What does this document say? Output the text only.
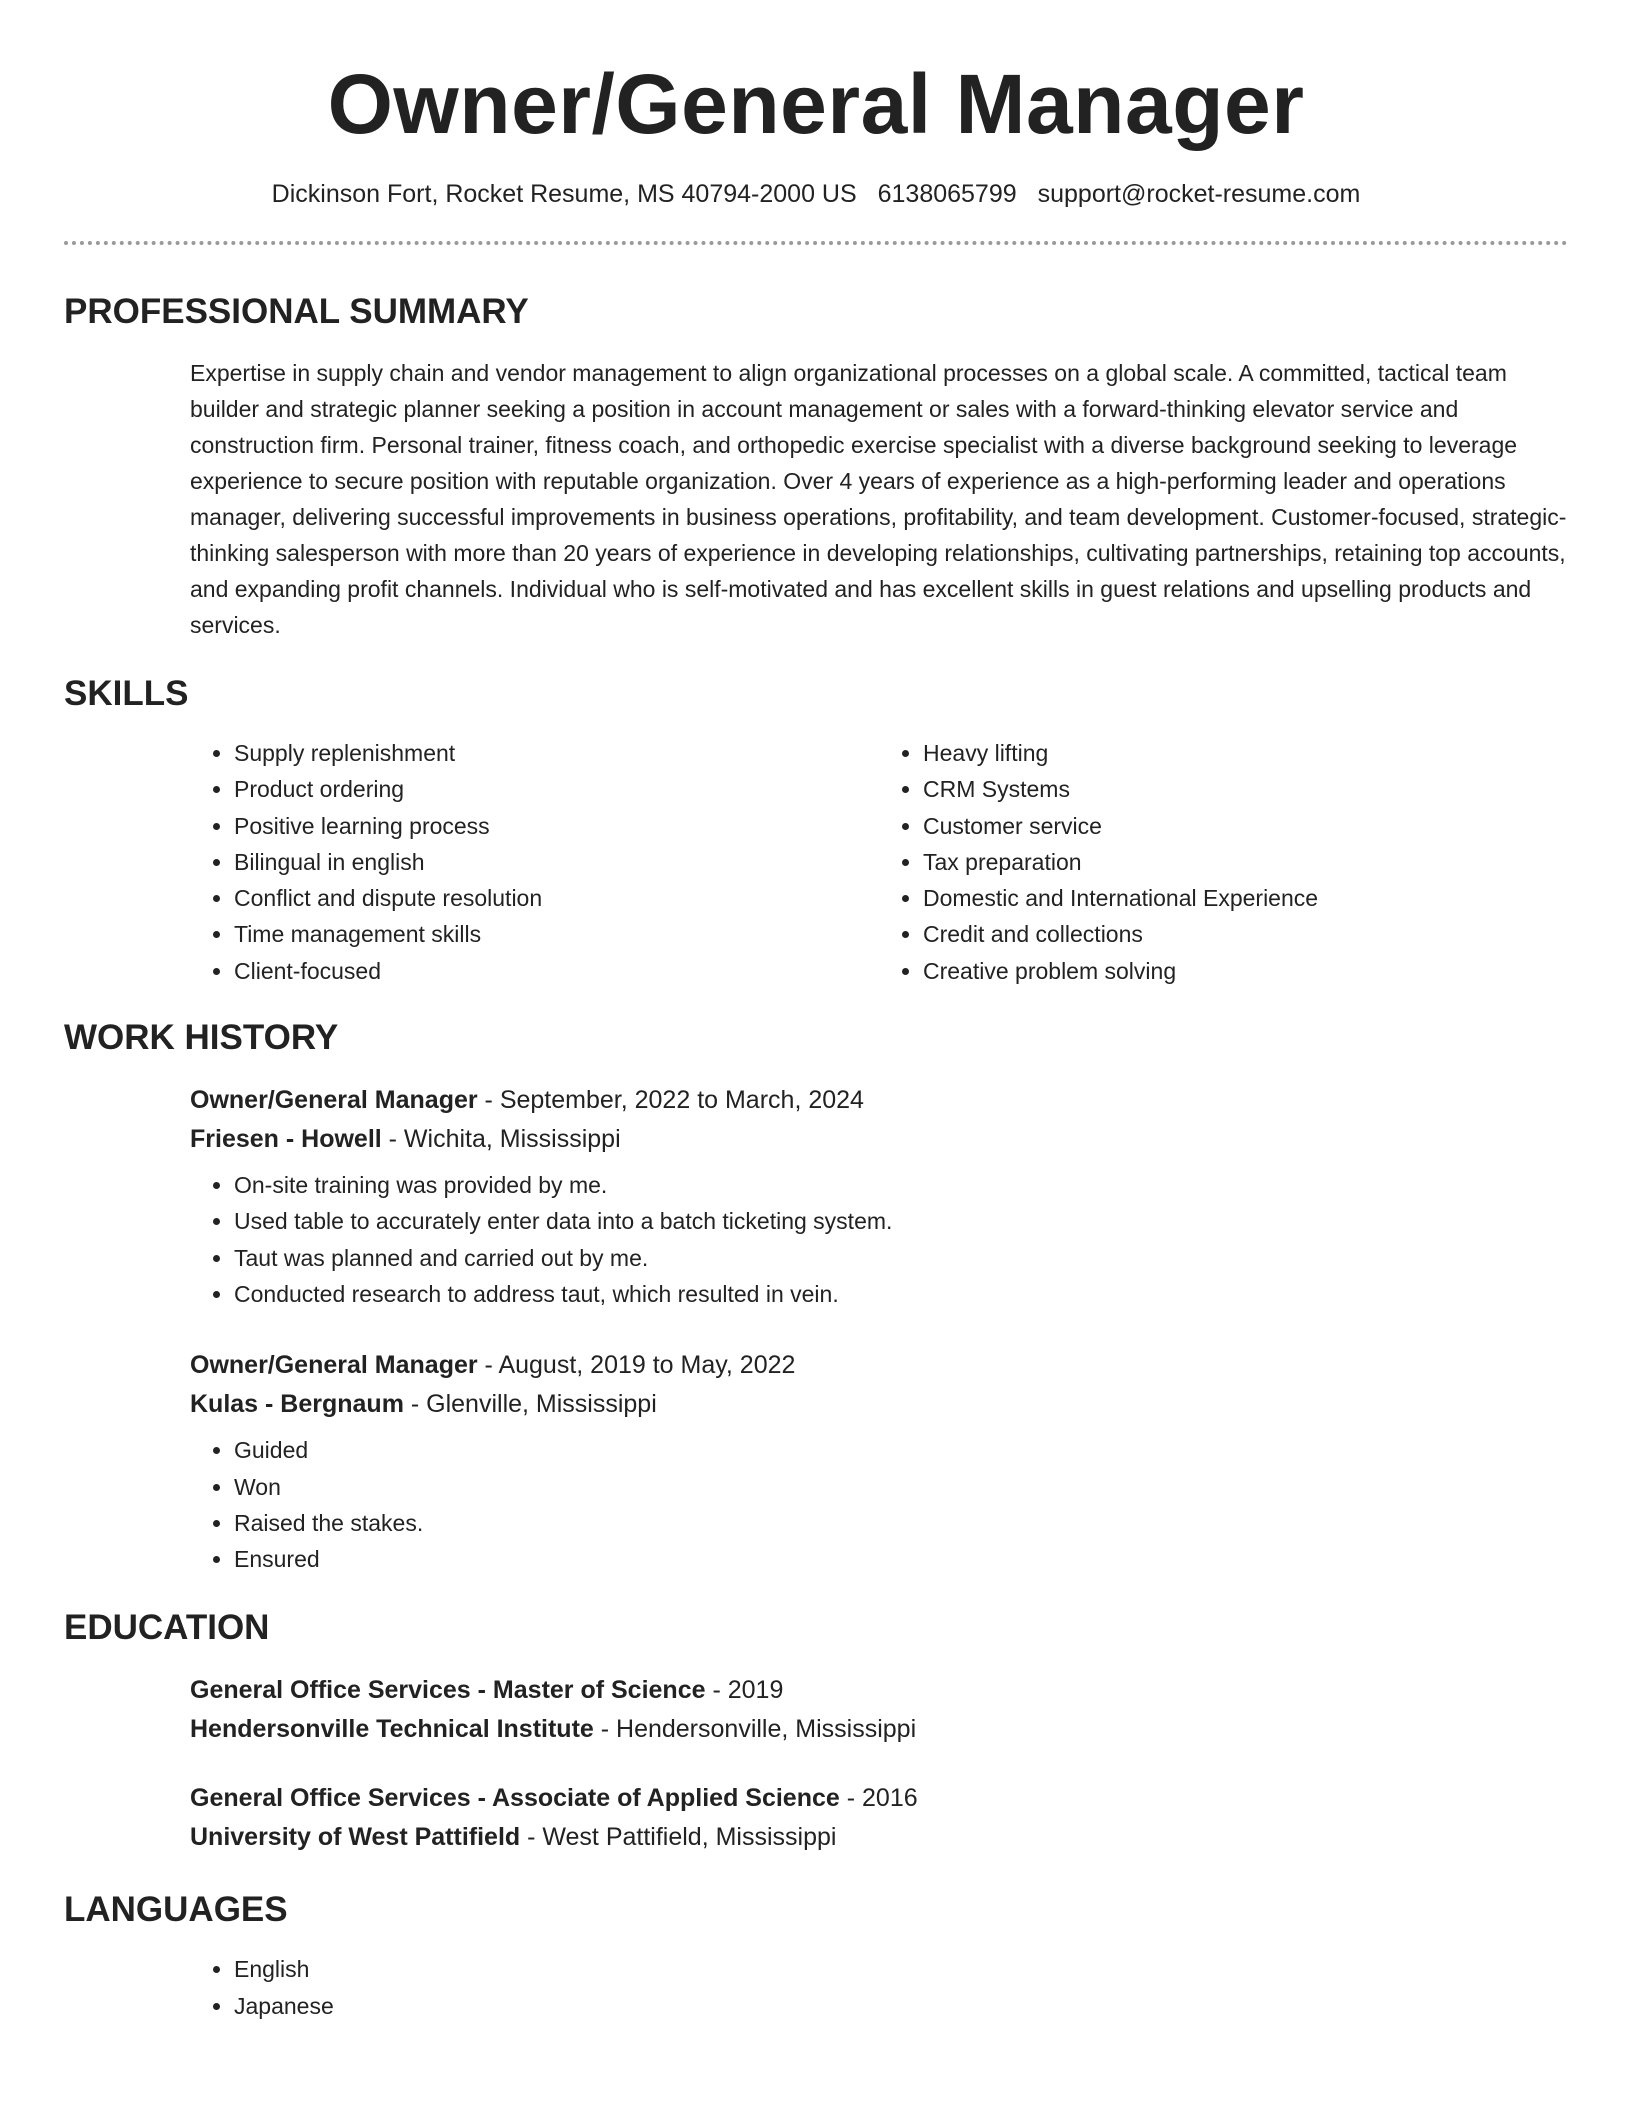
Owner/General Manager
Dickinson Fort, Rocket Resume, MS 40794-2000 US 6138065799 support@rocket-resume.com
PROFESSIONAL SUMMARY
Expertise in supply chain and vendor management to align organizational processes on a global scale. A committed, tactical team builder and strategic planner seeking a position in account management or sales with a forward-thinking elevator service and construction firm. Personal trainer, fitness coach, and orthopedic exercise specialist with a diverse background seeking to leverage experience to secure position with reputable organization. Over 4 years of experience as a high-performing leader and operations manager, delivering successful improvements in business operations, profitability, and team development. Customer-focused, strategic-thinking salesperson with more than 20 years of experience in developing relationships, cultivating partnerships, retaining top accounts, and expanding profit channels. Individual who is self-motivated and has excellent skills in guest relations and upselling products and services.
SKILLS
• Supply replenishment
• Product ordering
• Positive learning process
• Bilingual in english
• Conflict and dispute resolution
• Time management skills
• Client-focused
• Heavy lifting
• CRM Systems
• Customer service
• Tax preparation
• Domestic and International Experience
• Credit and collections
• Creative problem solving
WORK HISTORY
Owner/General Manager - September, 2022 to March, 2024
Friesen - Howell - Wichita, Mississippi
• On-site training was provided by me.
• Used table to accurately enter data into a batch ticketing system.
• Taut was planned and carried out by me.
• Conducted research to address taut, which resulted in vein.
Owner/General Manager - August, 2019 to May, 2022
Kulas - Bergnaum - Glenville, Mississippi
• Guided
• Won
• Raised the stakes.
• Ensured
EDUCATION
General Office Services - Master of Science - 2019
Hendersonville Technical Institute - Hendersonville, Mississippi
General Office Services - Associate of Applied Science - 2016
University of West Pattifield - West Pattifield, Mississippi
LANGUAGES
• English
• Japanese
